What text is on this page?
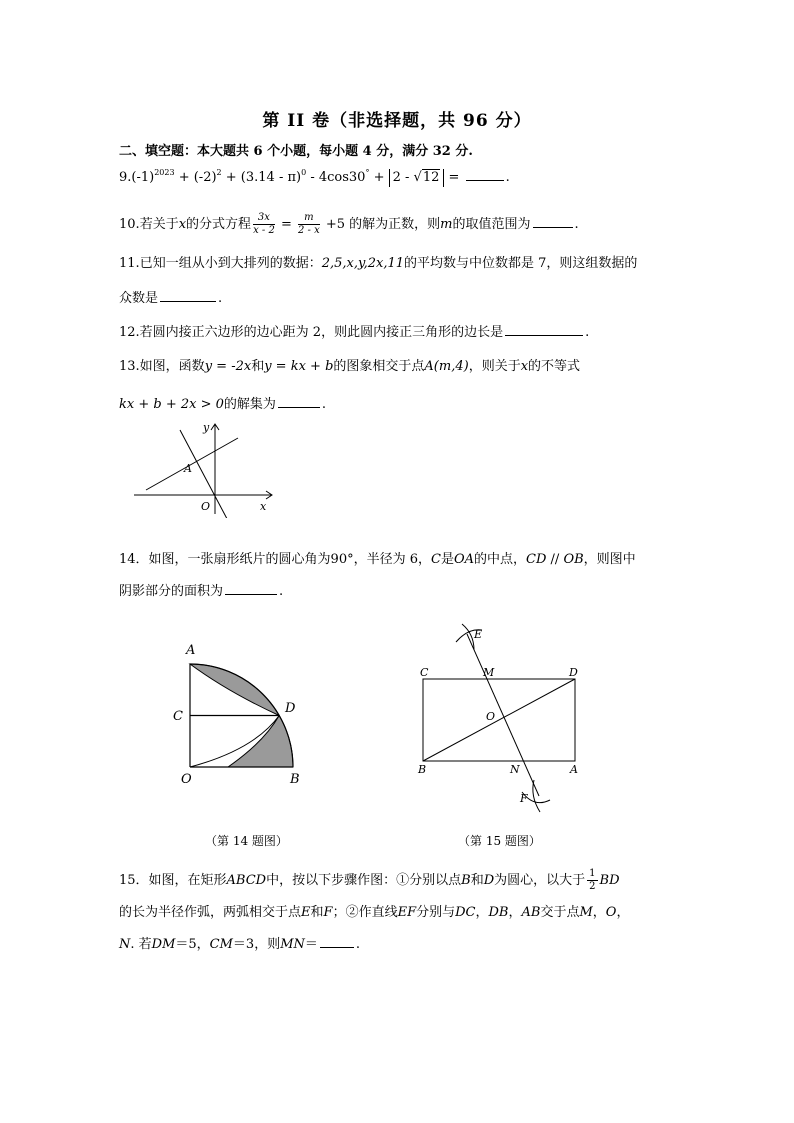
第 II 卷（非选择题，共 96 分）
二、填空题：本大题共 6 个小题，每小题 4 分，满分 32 分.
$9.(-1)^{2023} + (-2)^2 + (3.14 - \pi)^0 - 4\cos 30^\circ + 2 - √12$ =	.
10.若关于x的分式方程 $\frac{3x}{x - 2} = \frac{m}{2 - x} +5$ 的解为正数，则m的取值范围为	.
11.已知一组从小到大排列的数据：2,5,x,y,2x,11的平均数与中位数都是 7，则这组数据的
众数是	.
12.若圆内接正六边形的边心距为 2，则此圆内接正三角形的边长是	.
13.如图，函数y = -2x和y = kx + b的图象相交于点A(m,4)，则关于x的不等式
kx + b + 2x > 0的解集为	.
y
x
A
O
14．如图，一张扇形纸片的圆心角为90°，半径为 6，C是OA的中点，CD // OB，则图中
阴影部分的面积为	.
A
C
D
O	B
（第 14 题图）
E
C	M	D
O
B	N	A
F
（第 15 题图）
15．如图，在矩形ABCD中，按以下步骤作图：①分别以点B和D为圆心，以大于 $\frac{1}{2}$ BD
的长为半径作弧，两弧相交于点E和F；②作直线EF分别与DC，DB，AB交于点M，O，
N. 若DM＝5，CM＝3，则MN＝	.
